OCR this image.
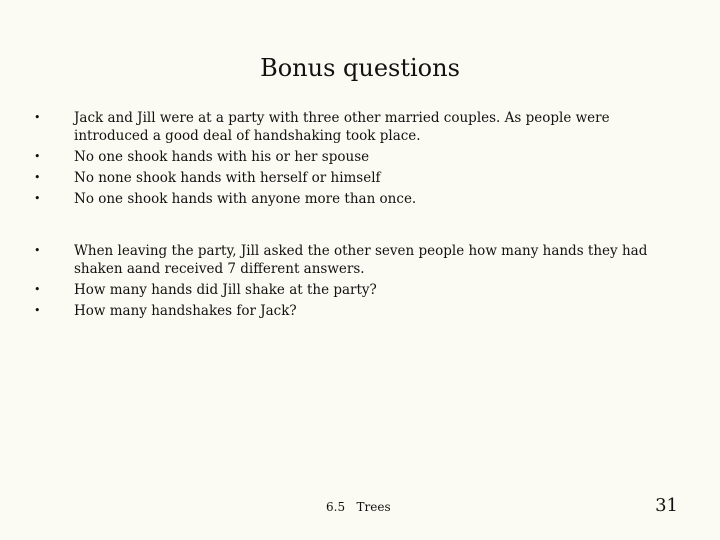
Bonus questions
• Jack and Jill were at a party with three other married couples. As people were introduced a good deal of handshaking took place.
• No one shook hands with his or her spouse
• No none shook hands with herself or himself
• No one shook hands with anyone more than once.
• When leaving the party, Jill asked the other seven people how many hands they had shaken aand received 7 different answers.
• How many hands did Jill shake at the party?
• How many handshakes for Jack?
6.5   Trees	31
